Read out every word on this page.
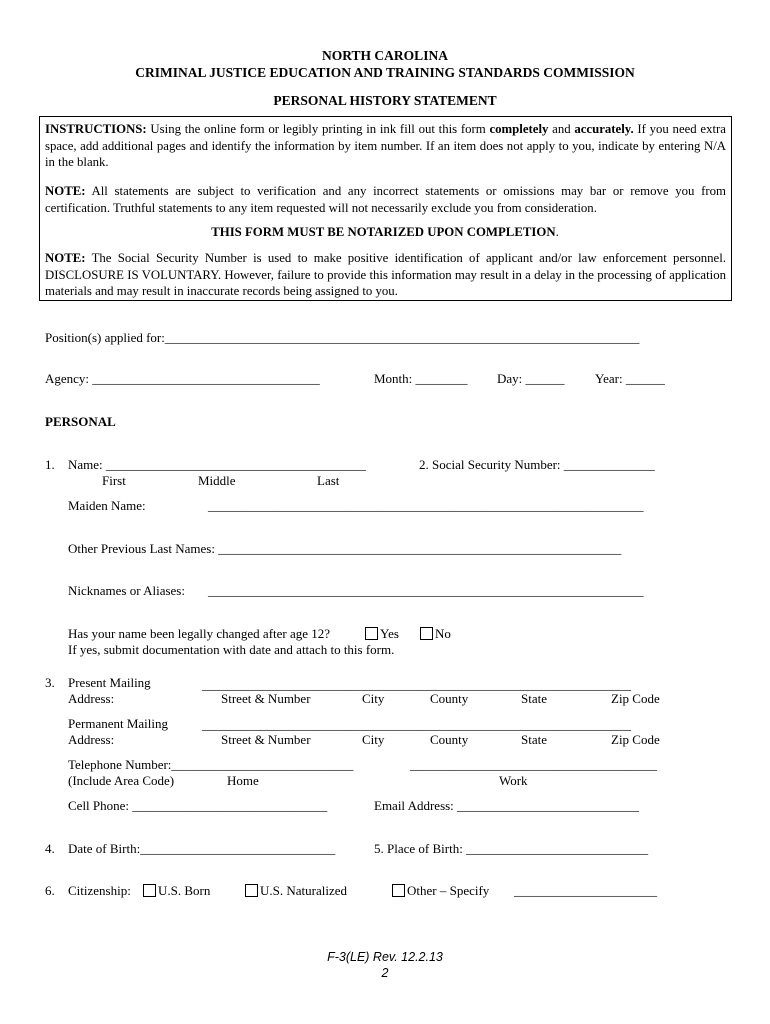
NORTH CAROLINA
CRIMINAL JUSTICE EDUCATION AND TRAINING STANDARDS COMMISSION
PERSONAL HISTORY STATEMENT
INSTRUCTIONS: Using the online form or legibly printing in ink fill out this form completely and accurately. If you need extra space, add additional pages and identify the information by item number. If an item does not apply to you, indicate by entering N/A in the blank.
NOTE: All statements are subject to verification and any incorrect statements or omissions may bar or remove you from certification. Truthful statements to any item requested will not necessarily exclude you from consideration.
THIS FORM MUST BE NOTARIZED UPON COMPLETION.
NOTE: The Social Security Number is used to make positive identification of applicant and/or law enforcement personnel. DISCLOSURE IS VOLUNTARY. However, failure to provide this information may result in a delay in the processing of application materials and may result in inaccurate records being assigned to you.
Position(s) applied for:_________________________________________________________________________
Agency: ___________________________________	Month: ________ Day: ______ Year: ______
PERSONAL
1. Name: ________________________________________	2. Social Security Number: ______________
First	Middle	Last
Maiden Name:	___________________________________________________________________
Other Previous Last Names: ______________________________________________________________
Nicknames or Aliases: ___________________________________________________________________
Has your name been legally changed after age 12?	Yes	No
If yes, submit documentation with date and attach to this form.
3. Present Mailing
Address:
__________________________________________________________________
Street & Number	City	County	State	Zip Code
Permanent Mailing
Address:
__________________________________________________________________
Street & Number	City	County	State	Zip Code
Telephone Number:____________________________
(Include Area Code)	Home
______________________________________
Work
Cell Phone: ______________________________	Email Address: ____________________________
4. Date of Birth:______________________________	5. Place of Birth: ____________________________
6. Citizenship:	U.S. Born	U.S. Naturalized	Other – Specify ______________________
F-3(LE) Rev. 12.2.13
2
